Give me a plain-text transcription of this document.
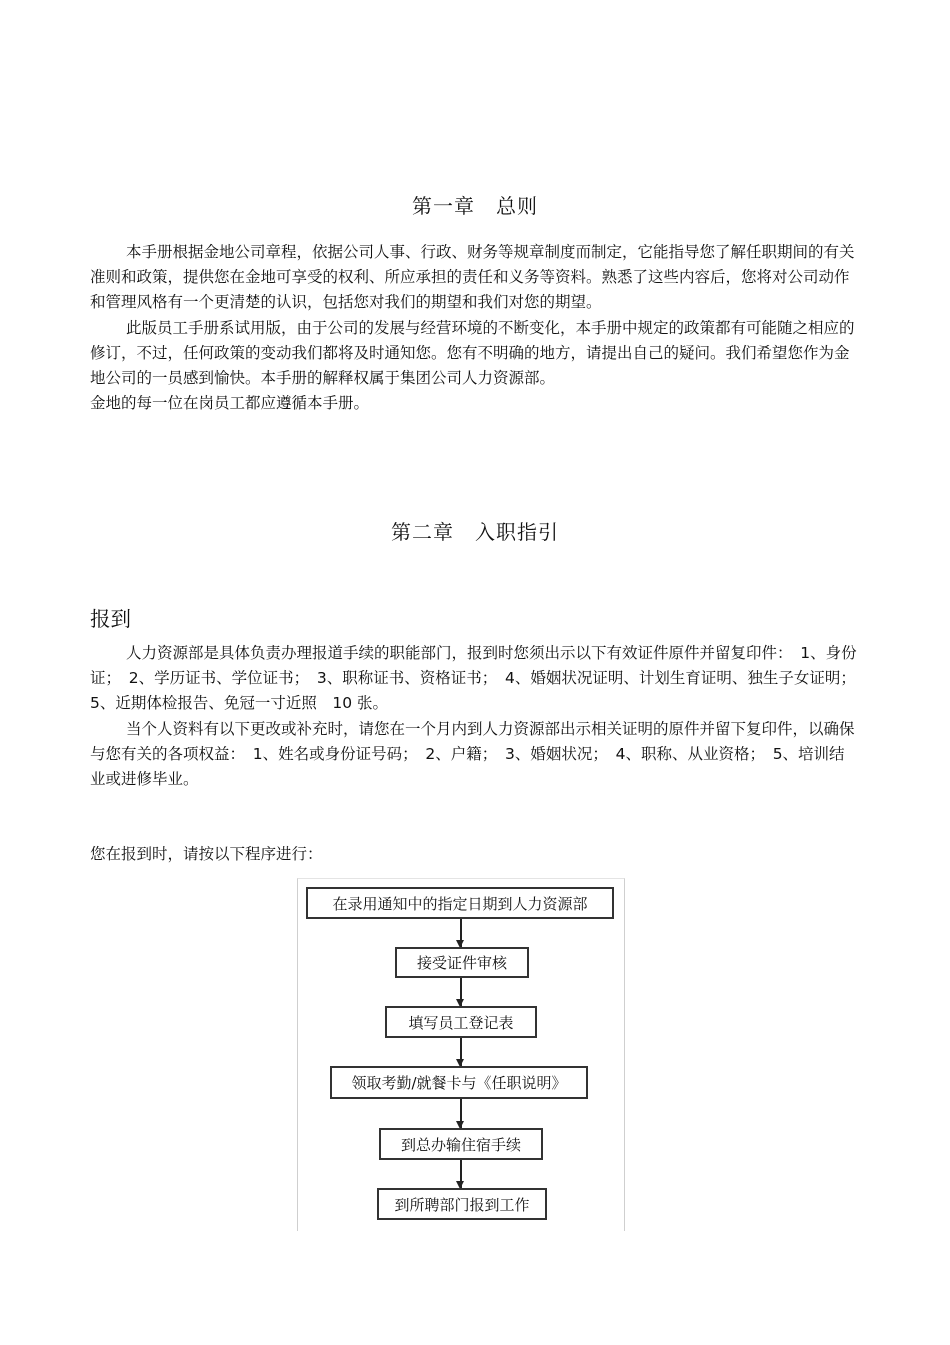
第一章　总则
本手册根据金地公司章程，依据公司人事、行政、财务等规章制度而制定，它能指导您了解任职期间的有关准则和政策，提供您在金地可享受的权利、所应承担的责任和义务等资料。熟悉了这些内容后，您将对公司动作和管理风格有一个更清楚的认识，包括您对我们的期望和我们对您的期望。
此版员工手册系试用版，由于公司的发展与经营环境的不断变化，本手册中规定的政策都有可能随之相应的修订，不过，任何政策的变动我们都将及时通知您。您有不明确的地方，请提出自己的疑问。我们希望您作为金地公司的一员感到愉快。本手册的解释权属于集团公司人力资源部。
金地的每一位在岗员工都应遵循本手册。
第二章　入职指引
报到
人力资源部是具体负责办理报道手续的职能部门，报到时您须出示以下有效证件原件并留复印件：　1、身份证；　2、学历证书、学位证书；　3、职称证书、资格证书；　4、婚姻状况证明、计划生育证明、独生子女证明；　5、近期体检报告、免冠一寸近照　10 张。
当个人资料有以下更改或补充时，请您在一个月内到人力资源部出示相关证明的原件并留下复印件，以确保与您有关的各项权益：　1、姓名或身份证号码；　2、户籍；　3、婚姻状况；　4、职称、从业资格；　5、培训结业或进修毕业。

您在报到时，请按以下程序进行：

在录用通知中的指定日期到人力资源部
接受证件审核
填写员工登记表
领取考勤/就餐卡与《任职说明》
到总办输住宿手续
到所聘部门报到工作
